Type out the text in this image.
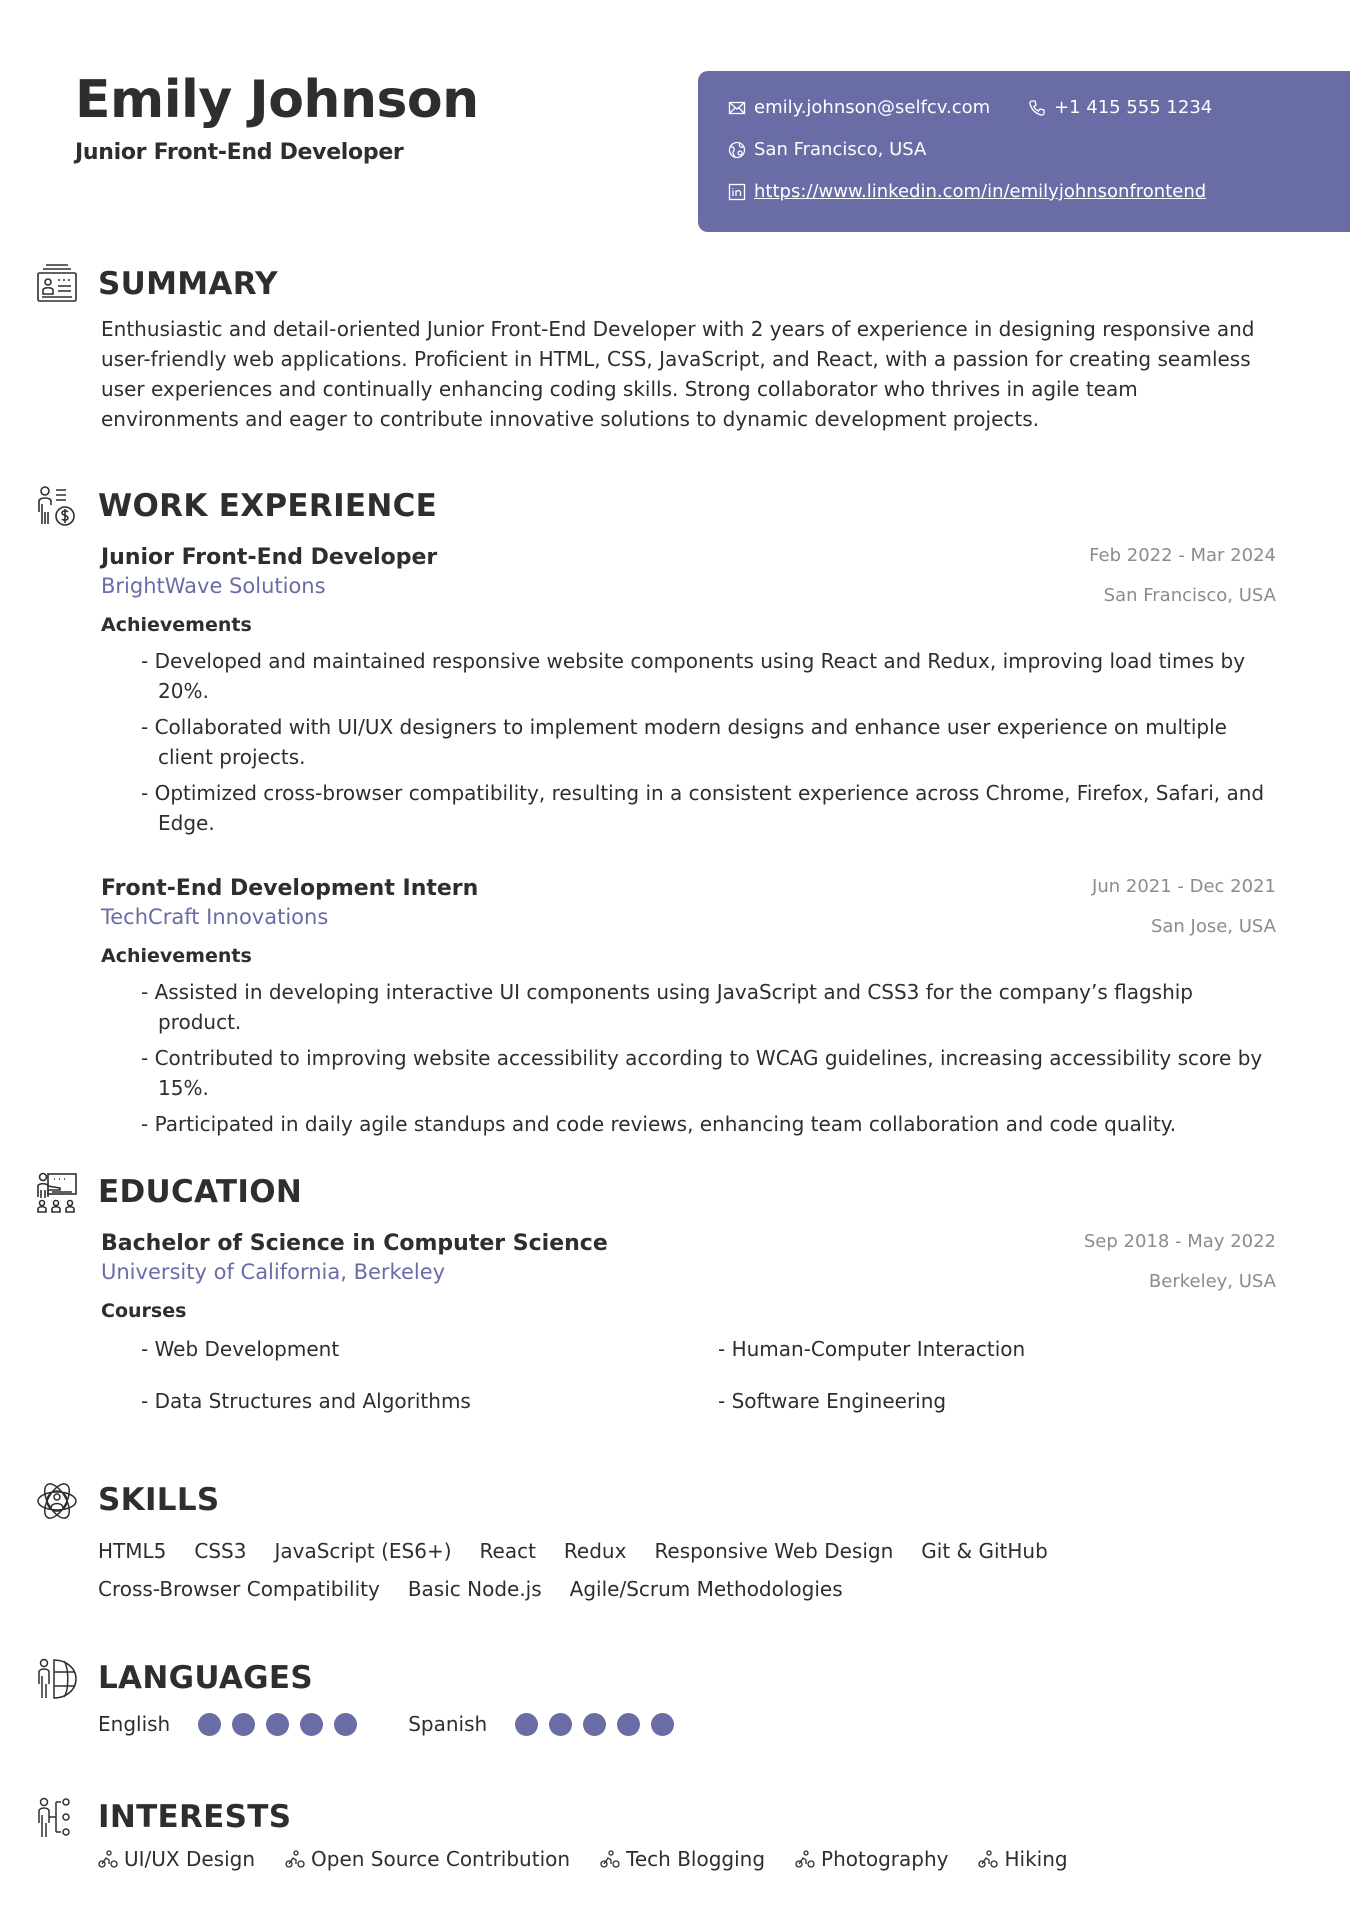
Emily Johnson
Junior Front-End Developer
emily.johnson@selfcv.com	+1 415 555 1234
San Francisco, USA
https://www.linkedin.com/in/emilyjohnsonfrontend
SUMMARY
Enthusiastic and detail-oriented Junior Front-End Developer with 2 years of experience in designing responsive and user-friendly web applications. Proficient in HTML, CSS, JavaScript, and React, with a passion for creating seamless user experiences and continually enhancing coding skills. Strong collaborator who thrives in agile team environments and eager to contribute innovative solutions to dynamic development projects.
WORK EXPERIENCE
Junior Front-End Developer
BrightWave Solutions
Feb 2022 - Mar 2024
San Francisco, USA
Achievements
- Developed and maintained responsive website components using React and Redux, improving load times by 20%.
- Collaborated with UI/UX designers to implement modern designs and enhance user experience on multiple client projects.
- Optimized cross-browser compatibility, resulting in a consistent experience across Chrome, Firefox, Safari, and Edge.
Front-End Development Intern
TechCraft Innovations
Jun 2021 - Dec 2021
San Jose, USA
Achievements
- Assisted in developing interactive UI components using JavaScript and CSS3 for the company’s flagship product.
- Contributed to improving website accessibility according to WCAG guidelines, increasing accessibility score by 15%.
- Participated in daily agile standups and code reviews, enhancing team collaboration and code quality.
EDUCATION
Bachelor of Science in Computer Science
University of California, Berkeley
Sep 2018 - May 2022
Berkeley, USA
Courses
- Web Development	- Human-Computer Interaction
- Data Structures and Algorithms	- Software Engineering
SKILLS
HTML5 CSS3 JavaScript (ES6+) React Redux Responsive Web Design Git & GitHub
Cross-Browser Compatibility Basic Node.js Agile/Scrum Methodologies
LANGUAGES
English	Spanish
INTERESTS
UI/UX Design	Open Source Contribution	Tech Blogging	Photography	Hiking
